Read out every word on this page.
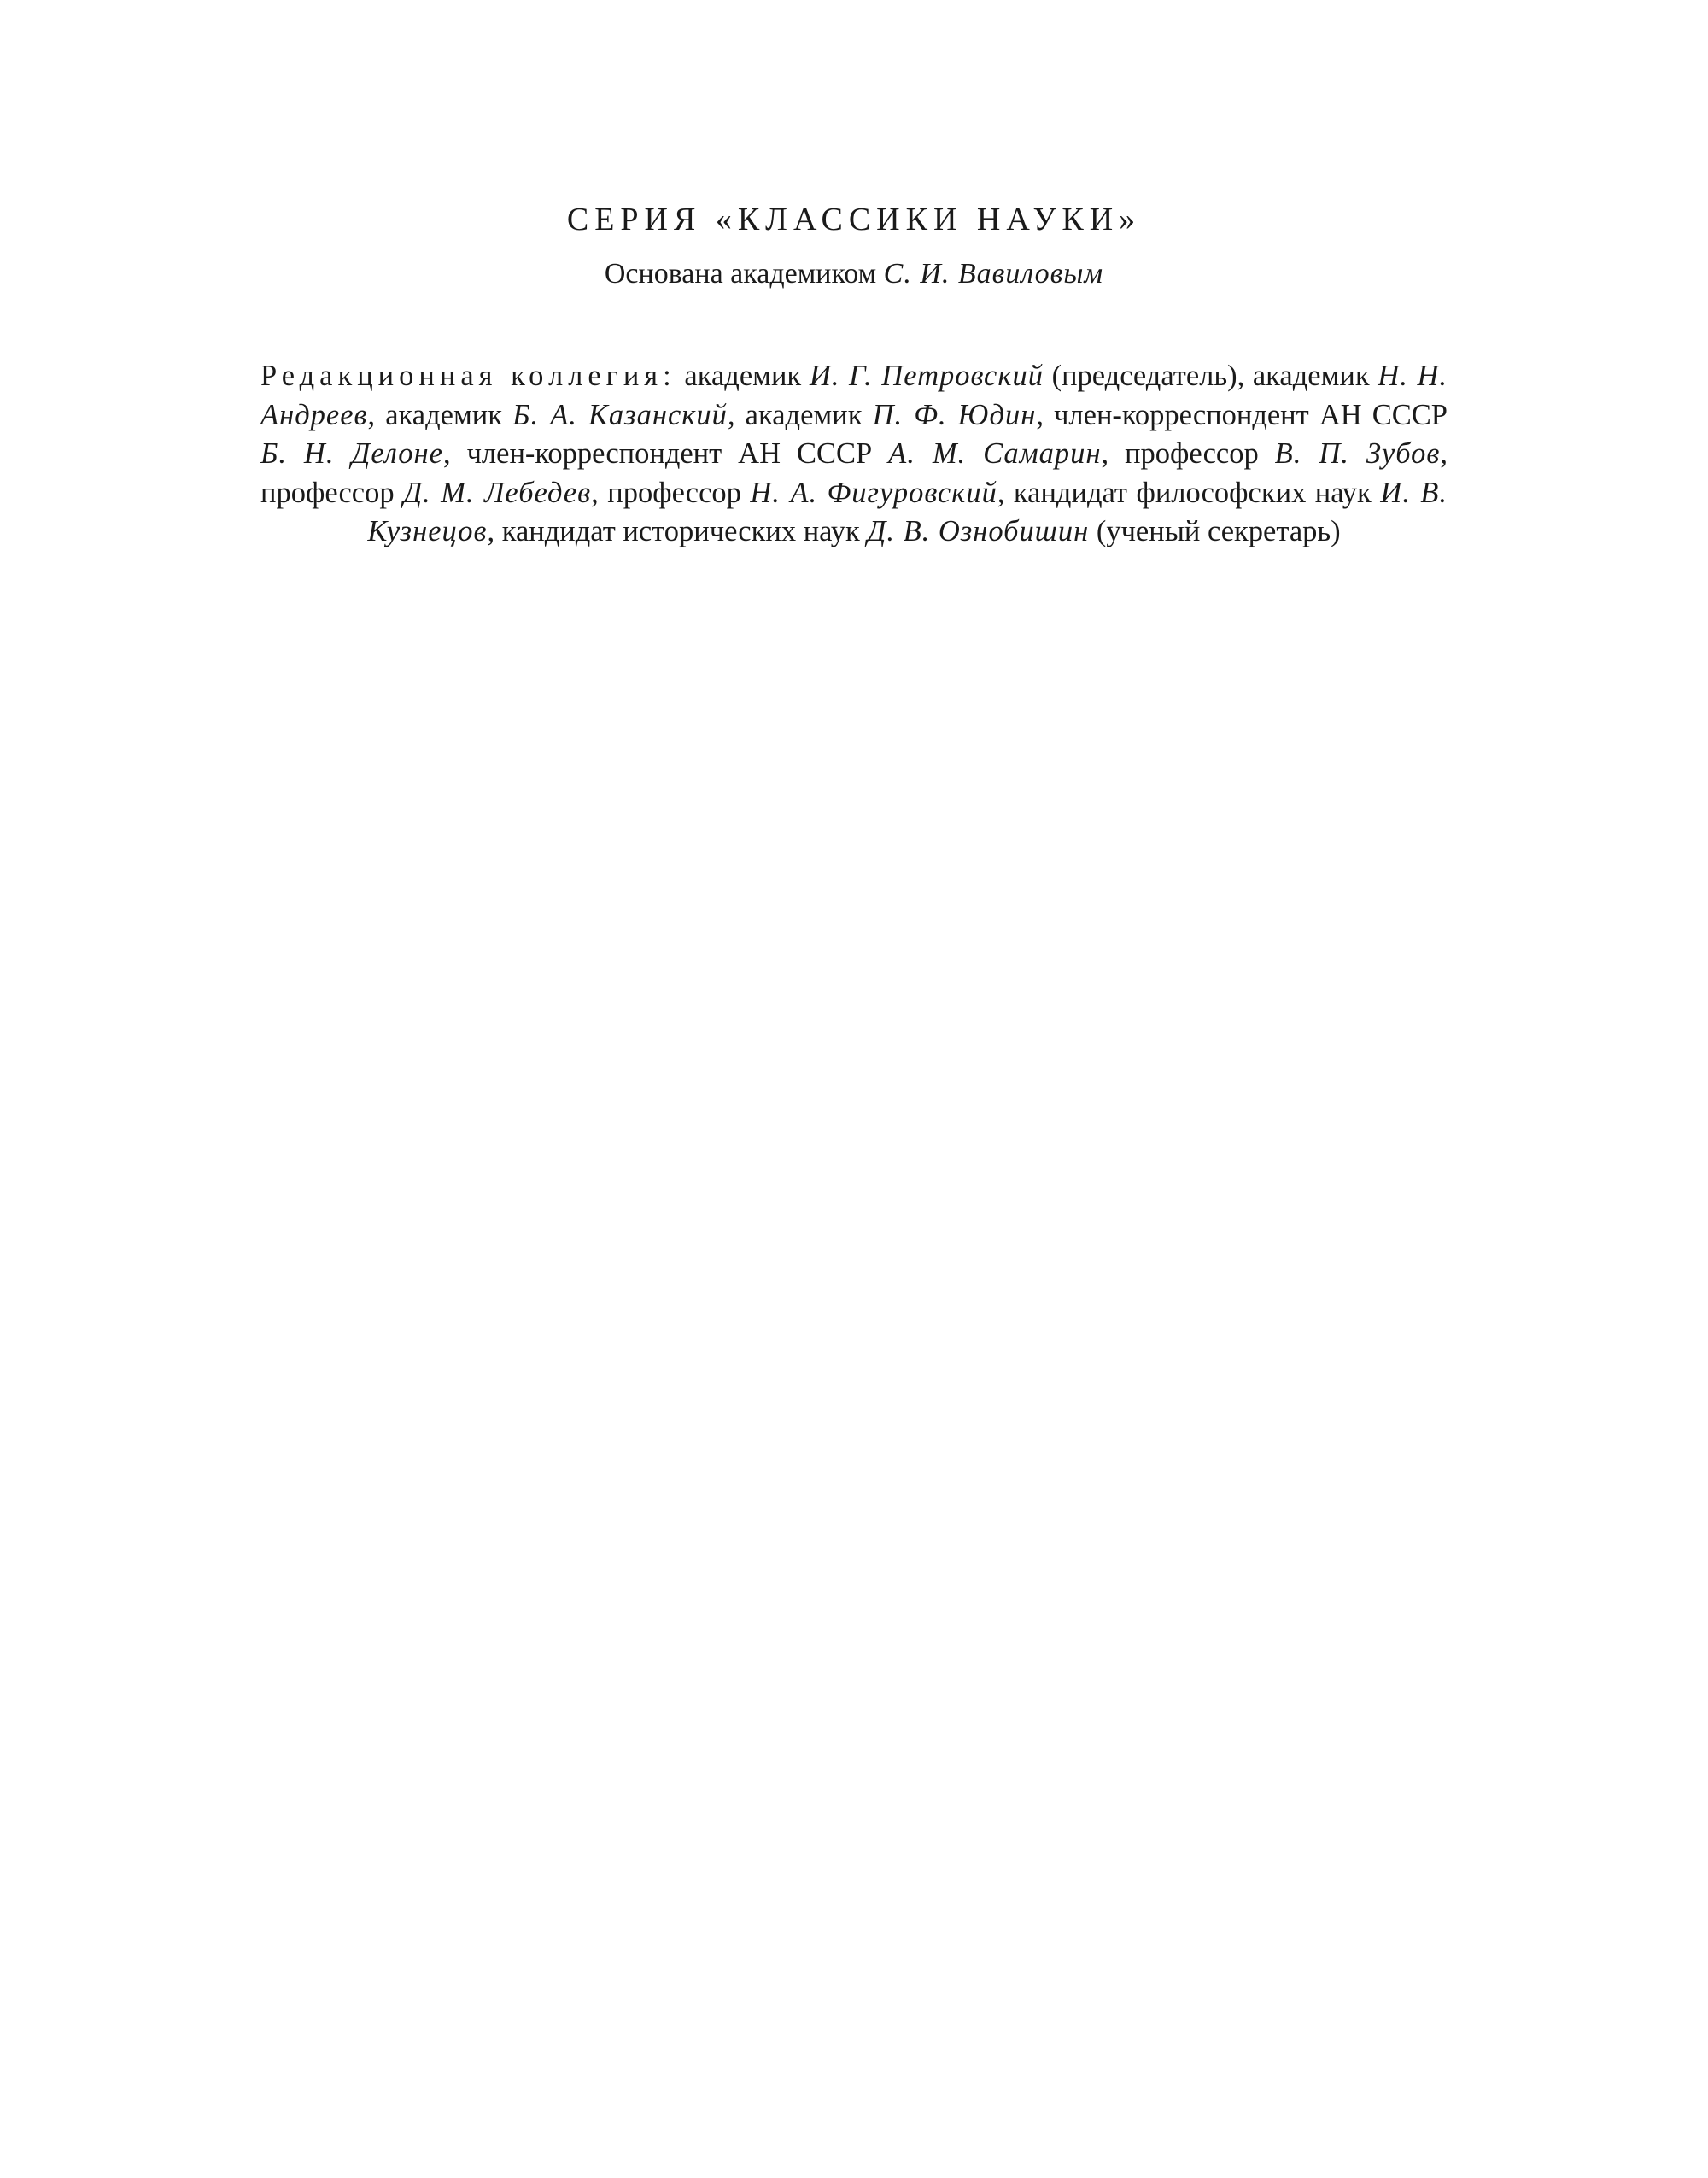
СЕРИЯ «КЛАССИКИ НАУКИ»
Основана академиком С. И. Вавиловым
Редакционная коллегия: академик И. Г. Петровский (председатель), академик Н. Н. Андреев, академик Б. А. Казанский, академик П. Ф. Юдин, член-корреспондент АН СССР Б. Н. Делоне, член-корреспондент АН СССР А. М. Самарин, профессор В. П. Зубов, профессор Д. М. Лебедев, профессор Н. А. Фигуровский, кандидат философских наук И. В. Кузнецов, кандидат исторических наук Д. В. Ознобишин (ученый секретарь)
